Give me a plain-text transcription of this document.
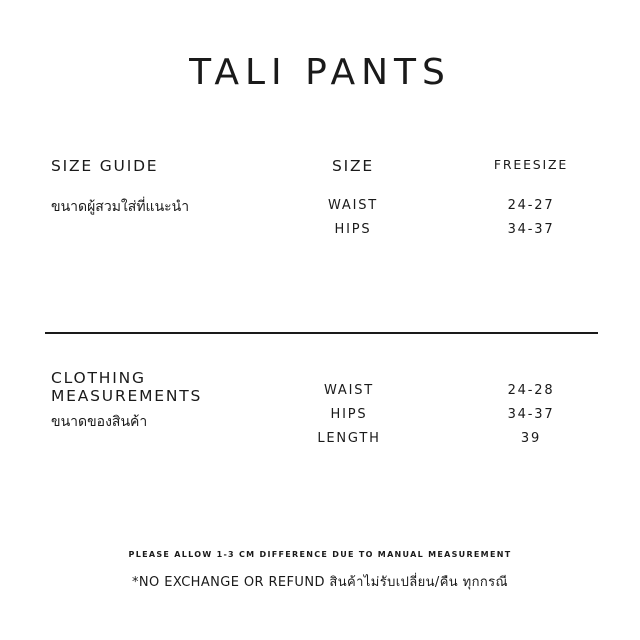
TALI PANTS
SIZE GUIDE
ขนาดผู้สวมใส่ที่แนะนำ
SIZE	FREESIZE
WAIST	24-27
HIPS	34-37
CLOTHING
MEASUREMENTS
ขนาดของสินค้า
WAIST	24-28
HIPS	34-37
LENGTH	39
PLEASE ALLOW 1-3 CM DIFFERENCE DUE TO MANUAL MEASUREMENT
*NO EXCHANGE OR REFUND สินค้าไม่รับเปลี่ยน/คืน ทุกกรณี
